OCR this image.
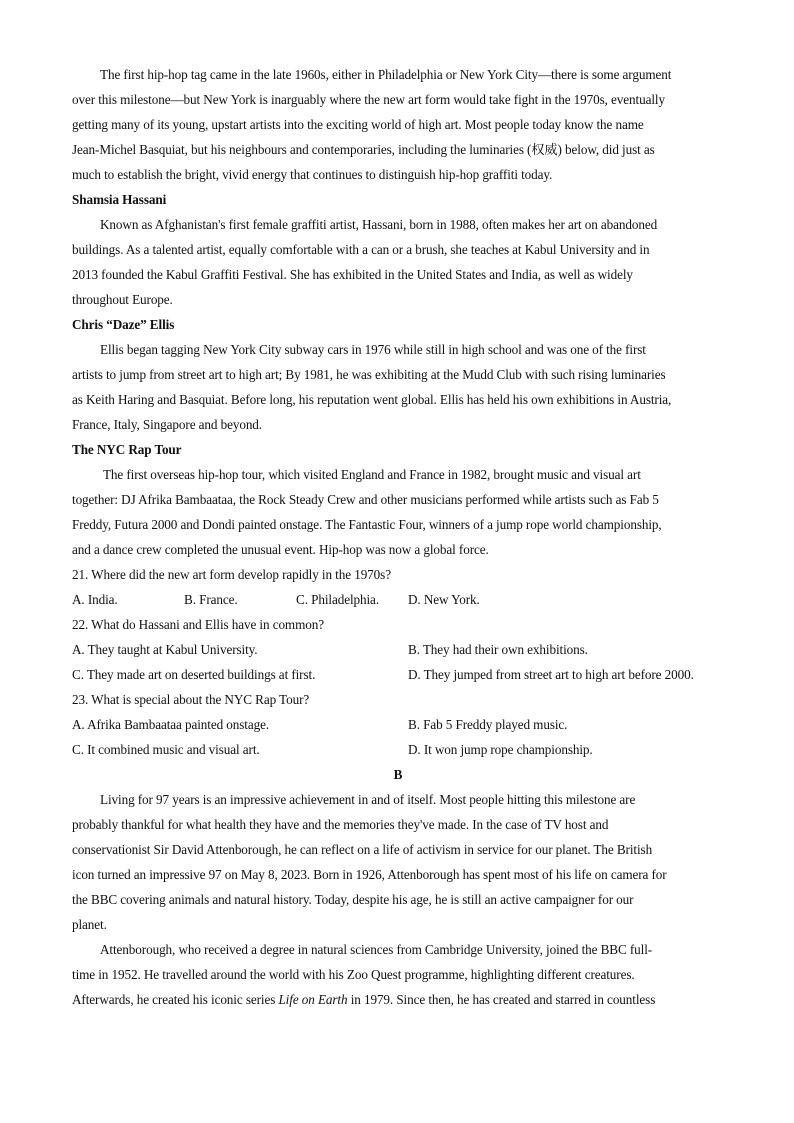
The first hip-hop tag came in the late 1960s, either in Philadelphia or New York City—there is some argument
over this milestone—but New York is inarguably where the new art form would take fight in the 1970s, eventually
getting many of its young, upstart artists into the exciting world of high art. Most people today know the name
Jean-Michel Basquiat, but his neighbours and contemporaries, including the luminaries (权威) below, did just as
much to establish the bright, vivid energy that continues to distinguish hip-hop graffiti today.
Shamsia Hassani
Known as Afghanistan's first female graffiti artist, Hassani, born in 1988, often makes her art on abandoned
buildings. As a talented artist, equally comfortable with a can or a brush, she teaches at Kabul University and in
2013 founded the Kabul Graffiti Festival. She has exhibited in the United States and India, as well as widely
throughout Europe.
Chris “Daze” Ellis
Ellis began tagging New York City subway cars in 1976 while still in high school and was one of the first
artists to jump from street art to high art; By 1981, he was exhibiting at the Mudd Club with such rising luminaries
as Keith Haring and Basquiat. Before long, his reputation went global. Ellis has held his own exhibitions in Austria,
France, Italy, Singapore and beyond.
The NYC Rap Tour
The first overseas hip-hop tour, which visited England and France in 1982, brought music and visual art
together: DJ Afrika Bambaataa, the Rock Steady Crew and other musicians performed while artists such as Fab 5
Freddy, Futura 2000 and Dondi painted onstage. The Fantastic Four, winners of a jump rope world championship,
and a dance crew completed the unusual event. Hip-hop was now a global force.
21. Where did the new art form develop rapidly in the 1970s?
A. India.	B. France.	C. Philadelphia.	D. New York.
22. What do Hassani and Ellis have in common?
A. They taught at Kabul University.	B. They had their own exhibitions.
C. They made art on deserted buildings at first.	D. They jumped from street art to high art before 2000.
23. What is special about the NYC Rap Tour?
A. Afrika Bambaataa painted onstage.	B. Fab 5 Freddy played music.
C. It combined music and visual art.	D. It won jump rope championship.
B
Living for 97 years is an impressive achievement in and of itself. Most people hitting this milestone are
probably thankful for what health they have and the memories they've made. In the case of TV host and
conservationist Sir David Attenborough, he can reflect on a life of activism in service for our planet. The British
icon turned an impressive 97 on May 8, 2023. Born in 1926, Attenborough has spent most of his life on camera for
the BBC covering animals and natural history. Today, despite his age, he is still an active campaigner for our
planet.
Attenborough, who received a degree in natural sciences from Cambridge University, joined the BBC full-
time in 1952. He travelled around the world with his Zoo Quest programme, highlighting different creatures.
Afterwards, he created his iconic series Life on Earth in 1979. Since then, he has created and starred in countless
